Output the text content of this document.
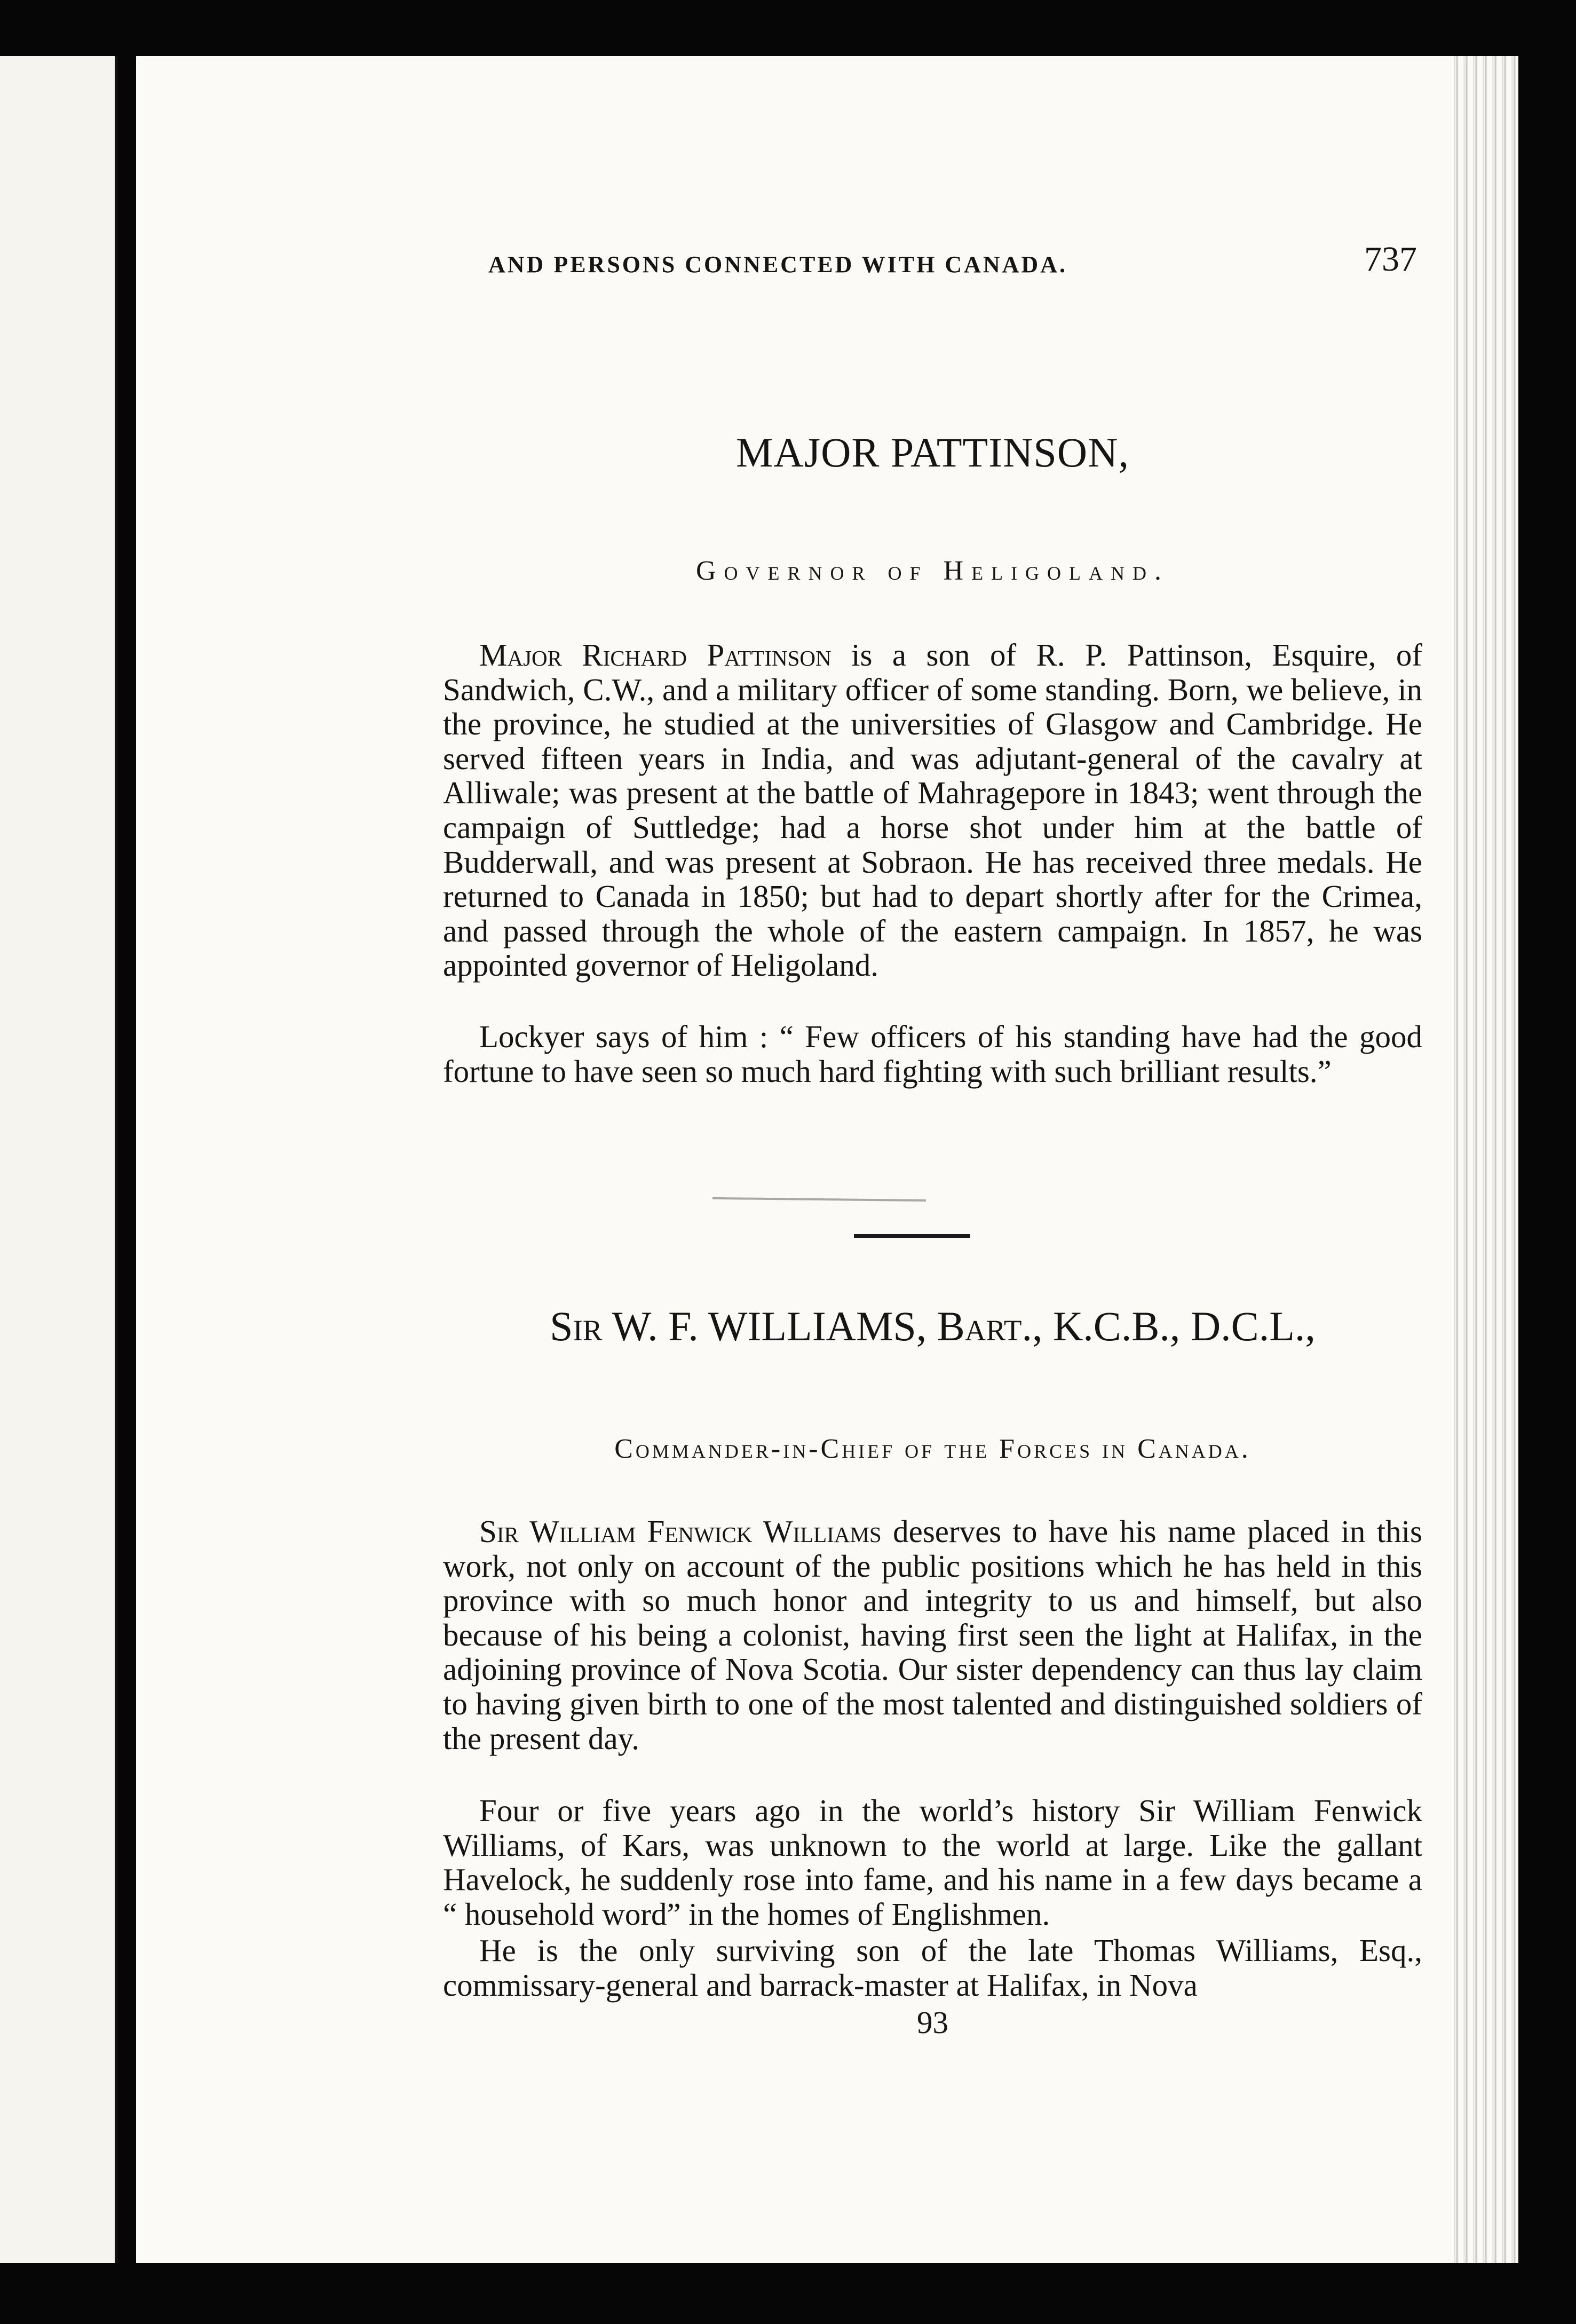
AND PERSONS CONNECTED WITH CANADA.	737
MAJOR PATTINSON,
Governor of Heligoland.

Major Richard Pattinson is a son of R. P. Pattinson, Esquire, of Sandwich, C.W., and a military officer of some standing. Born, we believe, in the province, he studied at the universities of Glasgow and Cambridge. He served fifteen years in India, and was adjutant-general of the cavalry at Alliwale; was present at the battle of Mahragepore in 1843; went through the campaign of Suttledge; had a horse shot under him at the battle of Budderwall, and was present at Sobraon. He has received three medals. He returned to Canada in 1850; but had to depart shortly after for the Crimea, and passed through the whole of the eastern campaign. In 1857, he was appointed governor of Heligoland.

Lockyer says of him : “ Few officers of his standing have had the good fortune to have seen so much hard fighting with such brilliant results.”

Sir W. F. WILLIAMS, Bart., K.C.B., D.C.L.,
Commander-in-Chief of the Forces in Canada.

Sir William Fenwick Williams deserves to have his name placed in this work, not only on account of the public positions which he has held in this province with so much honor and integrity to us and himself, but also because of his being a colonist, having first seen the light at Halifax, in the adjoining province of Nova Scotia. Our sister dependency can thus lay claim to having given birth to one of the most talented and distinguished soldiers of the present day.

Four or five years ago in the world’s history Sir William Fenwick Williams, of Kars, was unknown to the world at large. Like the gallant Havelock, he suddenly rose into fame, and his name in a few days became a “ household word” in the homes of Englishmen.

He is the only surviving son of the late Thomas Williams, Esq., commissary-general and barrack-master at Halifax, in Nova

93
